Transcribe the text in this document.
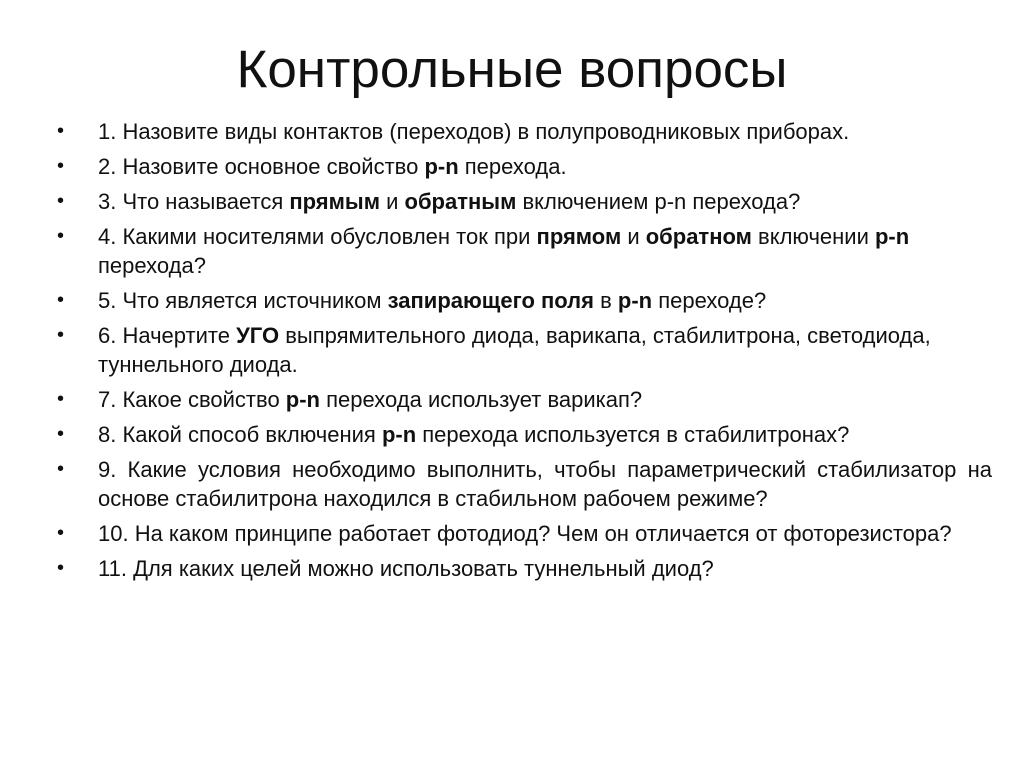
Контрольные вопросы
• 1. Назовите виды контактов (переходов) в полупроводниковых приборах.
• 2. Назовите основное свойство p-n перехода.
• 3. Что называется прямым и обратным включением p-n перехода?
• 4. Какими носителями обусловлен ток при прямом и обратном включении p-n перехода?
• 5. Что является источником запирающего поля в p-n переходе?
• 6. Начертите УГО выпрямительного диода, варикапа, стабилитрона, светодиода, туннельного диода.
• 7. Какое свойство p-n перехода использует варикап?
• 8. Какой способ включения p-n перехода используется в стабилитронах?
• 9. Какие условия необходимо выполнить, чтобы параметрический стабилизатор на основе стабилитрона находился в стабильном рабочем режиме?
• 10. На каком принципе работает фотодиод? Чем он отличается от фоторезистора?
• 11. Для каких целей можно использовать туннельный диод?
